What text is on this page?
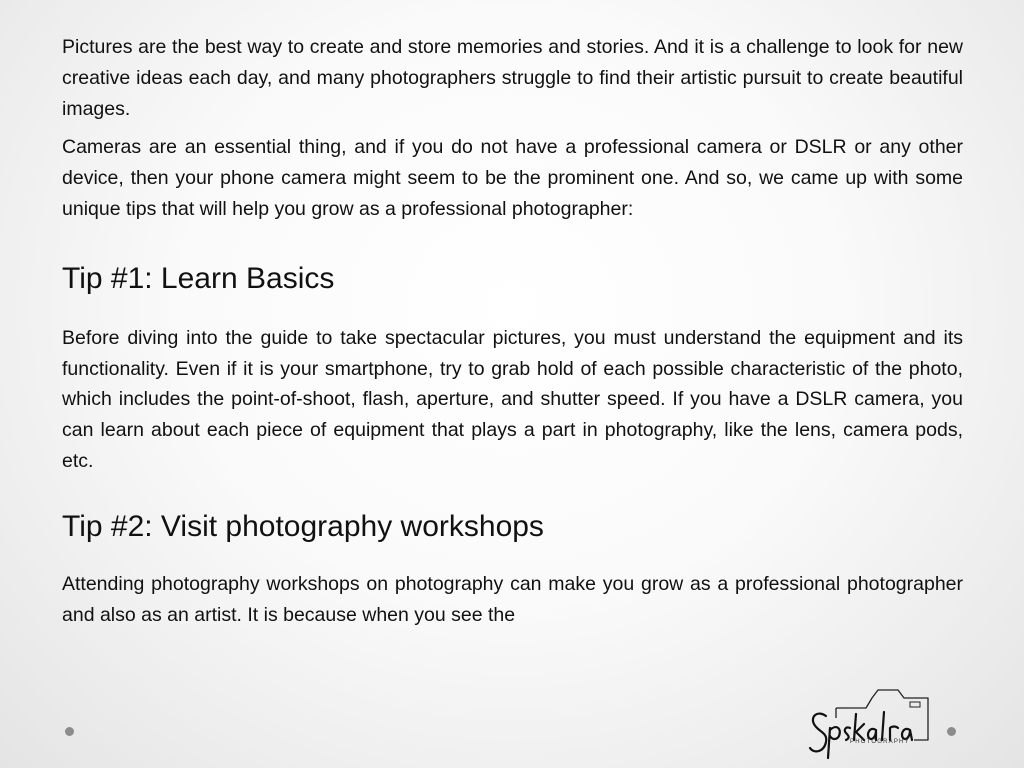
Pictures are the best way to create and store memories and stories. And it is a challenge to look for new creative ideas each day, and many photographers struggle to find their artistic pursuit to create beautiful images.

Cameras are an essential thing, and if you do not have a professional camera or DSLR or any other device, then your phone camera might seem to be the prominent one. And so, we came up with some unique tips that will help you grow as a professional photographer:

Tip #1: Learn Basics

Before diving into the guide to take spectacular pictures, you must understand the equipment and its functionality. Even if it is your smartphone, try to grab hold of each possible characteristic of the photo, which includes the point-of-shoot, flash, aperture, and shutter speed. If you have a DSLR camera, you can learn about each piece of equipment that plays a part in photography, like the lens, camera pods, etc.

Tip #2: Visit photography workshops

Attending photography workshops on photography can make you grow as a professional photographer and also as an artist. It is because when you see the

PHOTOGRAPHY
